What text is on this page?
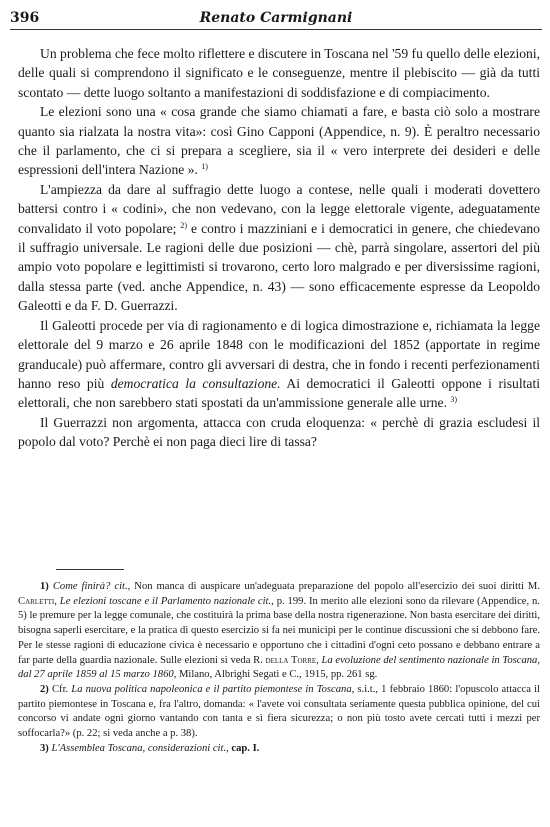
396	Renato Carmignani

Un problema che fece molto riflettere e discutere in Toscana nel '59 fu quello delle elezioni, delle quali si comprendono il significato e le conseguenze, mentre il plebiscito — già da tutti scontato — dette luogo soltanto a manifestazioni di soddisfazione e di compiacimento.

Le elezioni sono una « cosa grande che siamo chiamati a fare, e basta ciò solo a mostrare quanto sia rialzata la nostra vita»: così Gino Capponi (Appendice, n. 9). È peraltro necessario che il parlamento, che ci si prepara a scegliere, sia il « vero interprete dei desideri e delle espressioni dell'intera Nazione ». $^{1)}$

L'ampiezza da dare al suffragio dette luogo a contese, nelle quali i moderati dovettero battersi contro i « codini», che non vedevano, con la legge elettorale vigente, adeguatamente convalidato il voto popolare; $^{2)}$ e contro i mazziniani e i democratici in genere, che chiedevano il suffragio universale. Le ragioni delle due posizioni — chè, parrà singolare, assertori del più ampio voto popolare e legittimisti si trovarono, certo loro malgrado e per diversissime ragioni, dalla stessa parte (ved. anche Appendice, n. 43) — sono efficacemente espresse da Leopoldo Galeotti e da F. D. Guerrazzi.

Il Galeotti procede per via di ragionamento e di logica dimostrazione e, richiamata la legge elettorale del 9 marzo e 26 aprile 1848 con le modificazioni del 1852 (apportate in regime granducale) può affermare, contro gli avversari di destra, che in fondo i recenti perfezionamenti hanno reso più democratica la consultazione. Ai democratici il Galeotti oppone i risultati elettorali, che non sarebbero stati spostati da un'ammissione generale alle urne. $^{3)}$

Il Guerrazzi non argomenta, attacca con cruda eloquenza: « perchè di grazia escludesi il popolo dal voto? Perchè ei non paga dieci lire di tassa?

1) Come finirà? cit., Non manca di auspicare un'adeguata preparazione del popolo all'esercizio dei suoi diritti M. Carletti, Le elezioni toscane e il Parlamento nazionale cit., p. 199. In merito alle elezioni sono da rilevare (Appendice, n. 5) le premure per la legge comunale, che costituirà la prima base della nostra rigenerazione. Non basta esercitare dei diritti, bisogna saperli esercitare, e la pratica di questo esercizio si fa nei municipi per le continue discussioni che si debbono fare. Per le stesse ragioni di educazione civica è necessario e opportuno che i cittadini d'ogni ceto possano e debbano entrare a far parte della guardia nazionale. Sulle elezioni si veda R. della Torre, La evoluzione del sentimento nazionale in Toscana, dal 27 aprile 1859 al 15 marzo 1860, Milano, Albrighi Segati e C., 1915, pp. 261 sg.

2) Cfr. La nuova politica napoleonica e il partito piemontese in Toscana, s.i.t., 1 febbraio 1860: l'opuscolo attacca il partito piemontese in Toscana e, fra l'altro, domanda: « l'avete voi consultata seriamente questa pubblica opinione, del cui concorso vi andate ogni giorno vantando con tanta e sì fiera sicurezza; o non più tosto avete cercati tutti i mezzi per soffocarla?» (p. 22; si veda anche a p. 38).

3) L'Assemblea Toscana, considerazioni cit., cap. I.
